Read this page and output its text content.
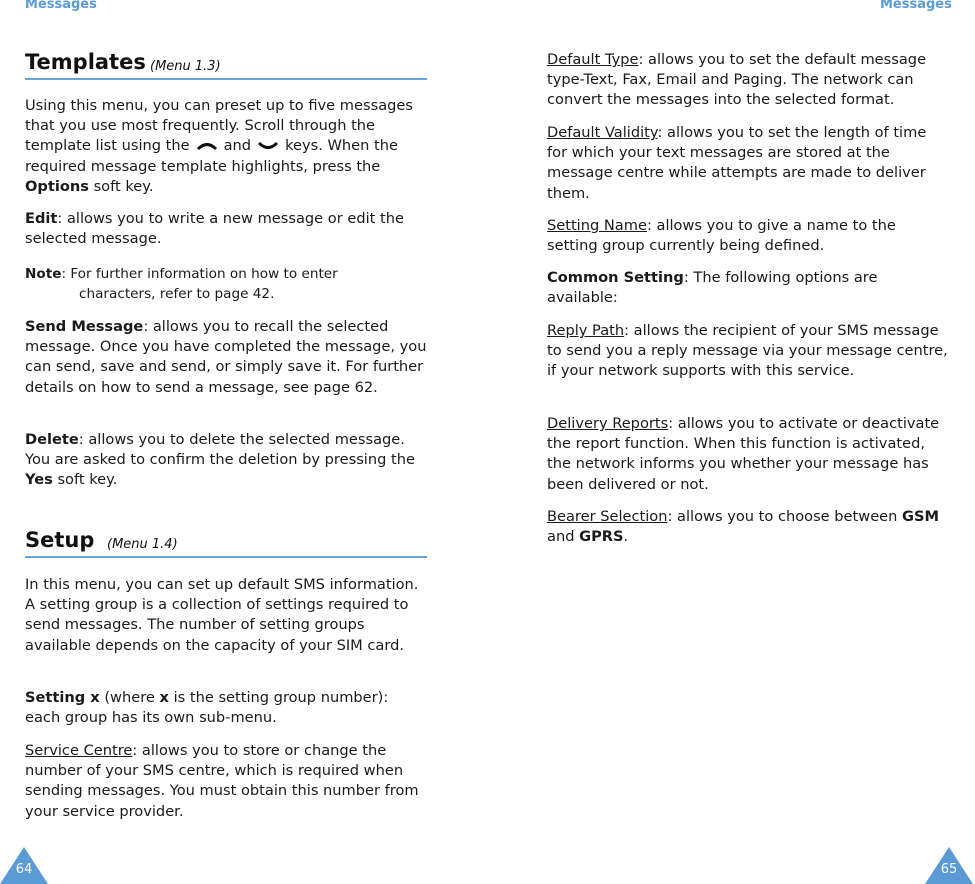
Messages	Messages
Templates (Menu 1.3)

Using this menu, you can preset up to five messages that you use most frequently. Scroll through the template list using the and keys. When the required message template highlights, press the Options soft key.

Edit: allows you to write a new message or edit the selected message.

Note: For further information on how to enter
characters, refer to page 42.

Send Message: allows you to recall the selected message. Once you have completed the message, you can send, save and send, or simply save it. For further details on how to send a message, see page 62.

Delete: allows you to delete the selected message. You are asked to confirm the deletion by pressing the Yes soft key.

Setup (Menu 1.4)

In this menu, you can set up default SMS information. A setting group is a collection of settings required to send messages. The number of setting groups available depends on the capacity of your SIM card.

Setting x (where x is the setting group number): each group has its own sub-menu.

Service Centre: allows you to store or change the number of your SMS centre, which is required when sending messages. You must obtain this number from your service provider.

Default Type: allows you to set the default message type-Text, Fax, Email and Paging. The network can convert the messages into the selected format.

Default Validity: allows you to set the length of time for which your text messages are stored at the message centre while attempts are made to deliver them.

Setting Name: allows you to give a name to the setting group currently being defined.

Common Setting: The following options are available:

Reply Path: allows the recipient of your SMS message to send you a reply message via your message centre, if your network supports with this service.

Delivery Reports: allows you to activate or deactivate the report function. When this function is activated, the network informs you whether your message has been delivered or not.

Bearer Selection: allows you to choose between GSM and GPRS.

64	65
